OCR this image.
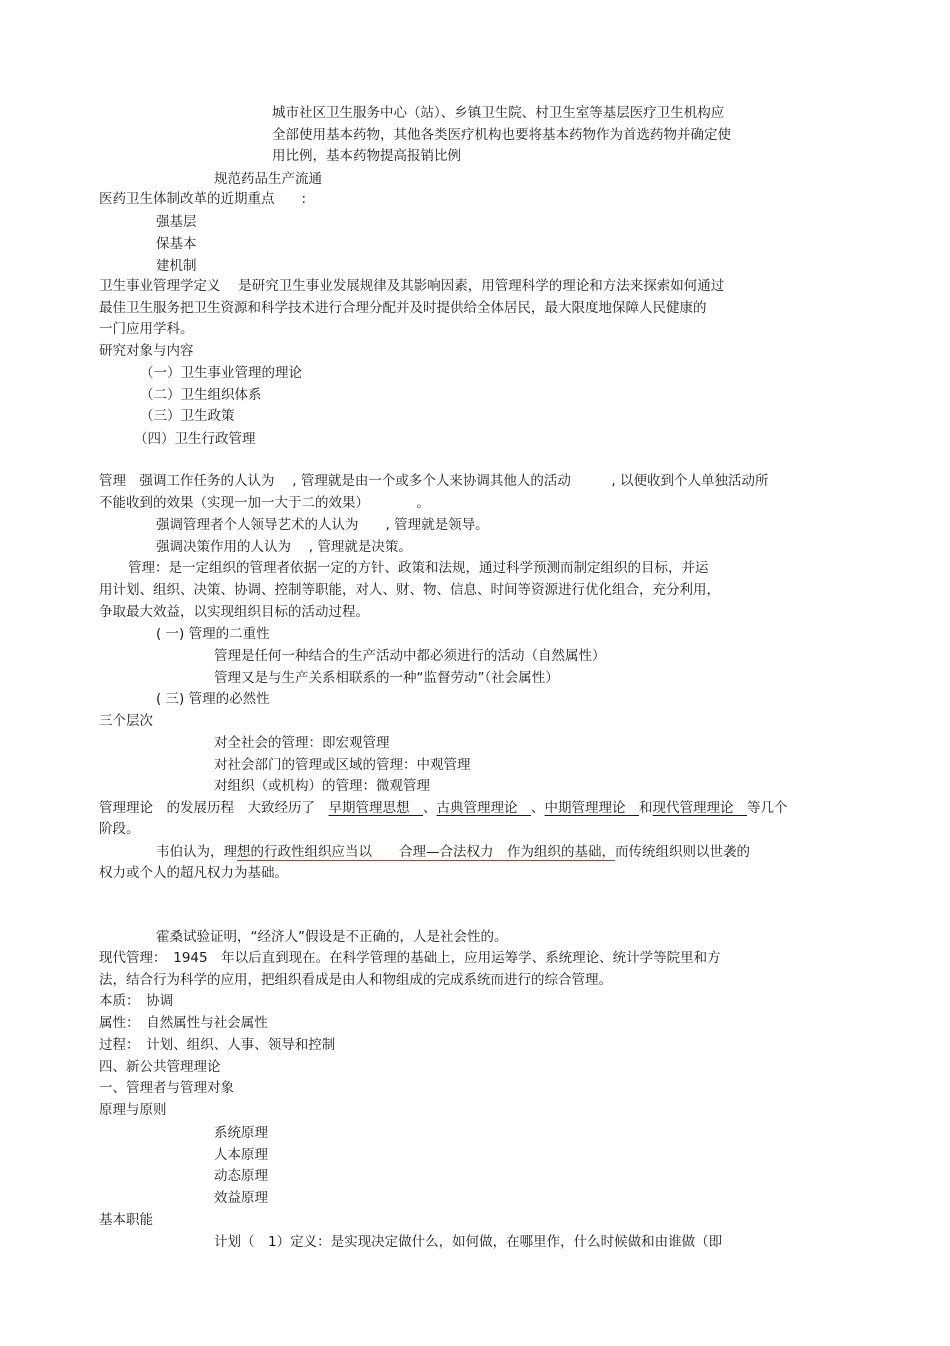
城市社区卫生服务中心（站）、乡镇卫生院、村卫生室等基层医疗卫生机构应
全部使用基本药物，其他各类医疗机构也要将基本药物作为首选药物并确定使
用比例，基本药物提高报销比例
规范药品生产流通
医药卫生体制改革的近期重点　　:
强基层
保基本
建机制
卫生事业管理学定义　 是研究卫生事业发展规律及其影响因素，用管理科学的理论和方法来探索如何通过
最佳卫生服务把卫生资源和科学技术进行合理分配并及时提供给全体居民，最大限度地保障人民健康的
一门应用学科。
研究对象与内容
（一）卫生事业管理的理论
（二）卫生组织体系
（三）卫生政策
（四）卫生行政管理
管理　强调工作任务的人认为　 , 管理就是由一个或多个人来协调其他人的活动　　　, 以便收到个人单独活动所
不能收到的效果（实现一加一大于二的效果）　　　　。
强调管理者个人领导艺术的人认为　　, 管理就是领导。
强调决策作用的人认为　 , 管理就是决策。
管理：是一定组织的管理者依据一定的方针、政策和法规，通过科学预测而制定组织的目标，并运
用计划、组织、决策、协调、控制等职能，对人、财、物、信息、时间等资源进行优化组合，充分利用，
争取最大效益，以实现组织目标的活动过程。
( 一) 管理的二重性
管理是任何一种结合的生产活动中都必须进行的活动（自然属性）
管理又是与生产关系相联系的一种“监督劳动”（社会属性）
( 三) 管理的必然性
三个层次
对全社会的管理：即宏观管理
对社会部门的管理或区域的管理：中观管理
对组织（或机构）的管理：微观管理
管理理论　的发展历程　大致经历了　早期管理思想　、古典管理理论　、中期管理理论　和现代管理理论　等几个
阶段。
韦伯认为，理想的行政性组织应当以　　合理—合法权力　作为组织的基础，而传统组织则以世袭的
权力或个人的超凡权力为基础。
霍桑试验证明，“经济人”假设是不正确的，人是社会性的。
现代管理：　1945　年以后直到现在。在科学管理的基础上，应用运筹学、系统理论、统计学等院里和方
法，结合行为科学的应用，把组织看成是由人和物组成的完成系统而进行的综合管理。
本质：　协调
属性：　自然属性与社会属性
过程：　计划、组织、人事、领导和控制
四、新公共管理理论
一、管理者与管理对象
原理与原则
系统原理
人本原理
动态原理
效益原理
基本职能
计划（　1）定义：是实现决定做什么，如何做，在哪里作，什么时候做和由谁做（即
